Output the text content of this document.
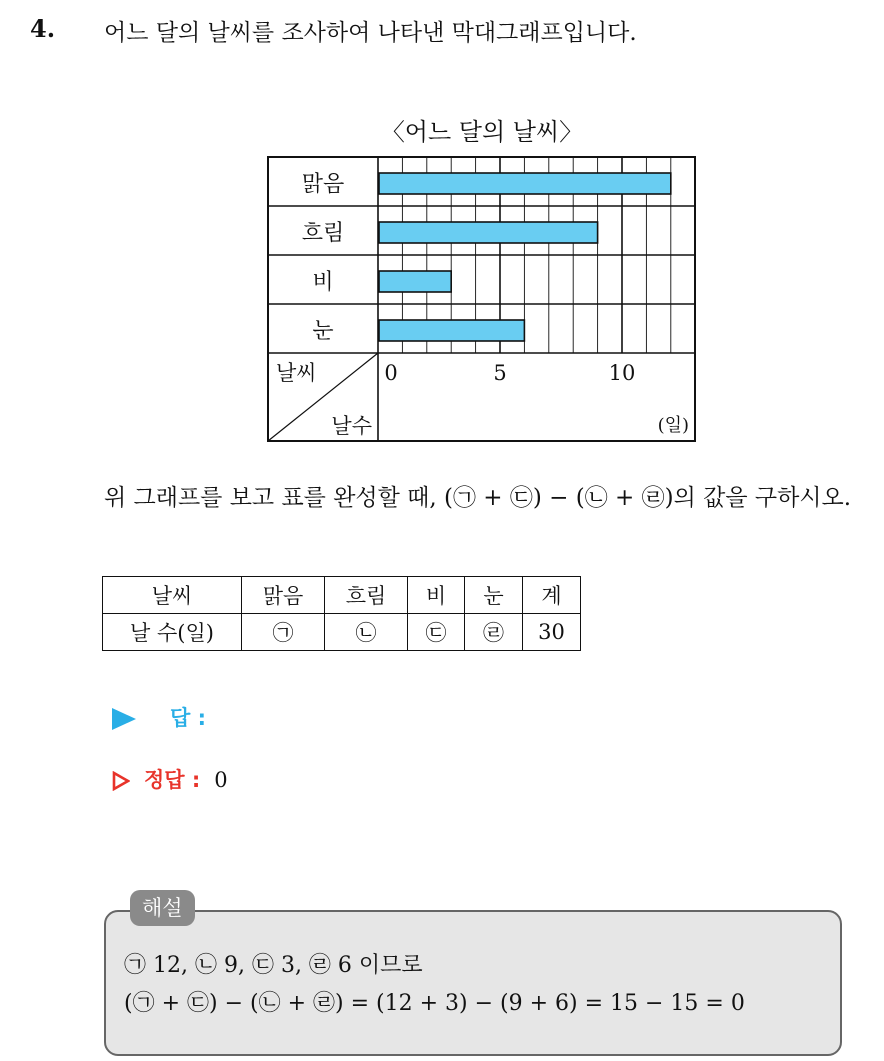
4. 어느 달의 날씨를 조사하여 나타낸 막대그래프입니다.
〈어느 달의 날씨〉
맑음
흐림
비
눈
0	5	10
날씨
날수	(일)
위 그래프를 보고 표를 완성할 때, (㉠ + ㉢) − (㉡ + ㉣)의 값을 구하시오.
날씨	맑음	흐림	비	눈	계
날 수(일)	㉠	㉡	㉢	㉣	30
답 :
정답 : 0
해설
㉠ 12, ㉡ 9, ㉢ 3, ㉣ 6 이므로
(㉠ + ㉢) − (㉡ + ㉣) = (12 + 3) − (9 + 6) = 15 − 15 = 0
